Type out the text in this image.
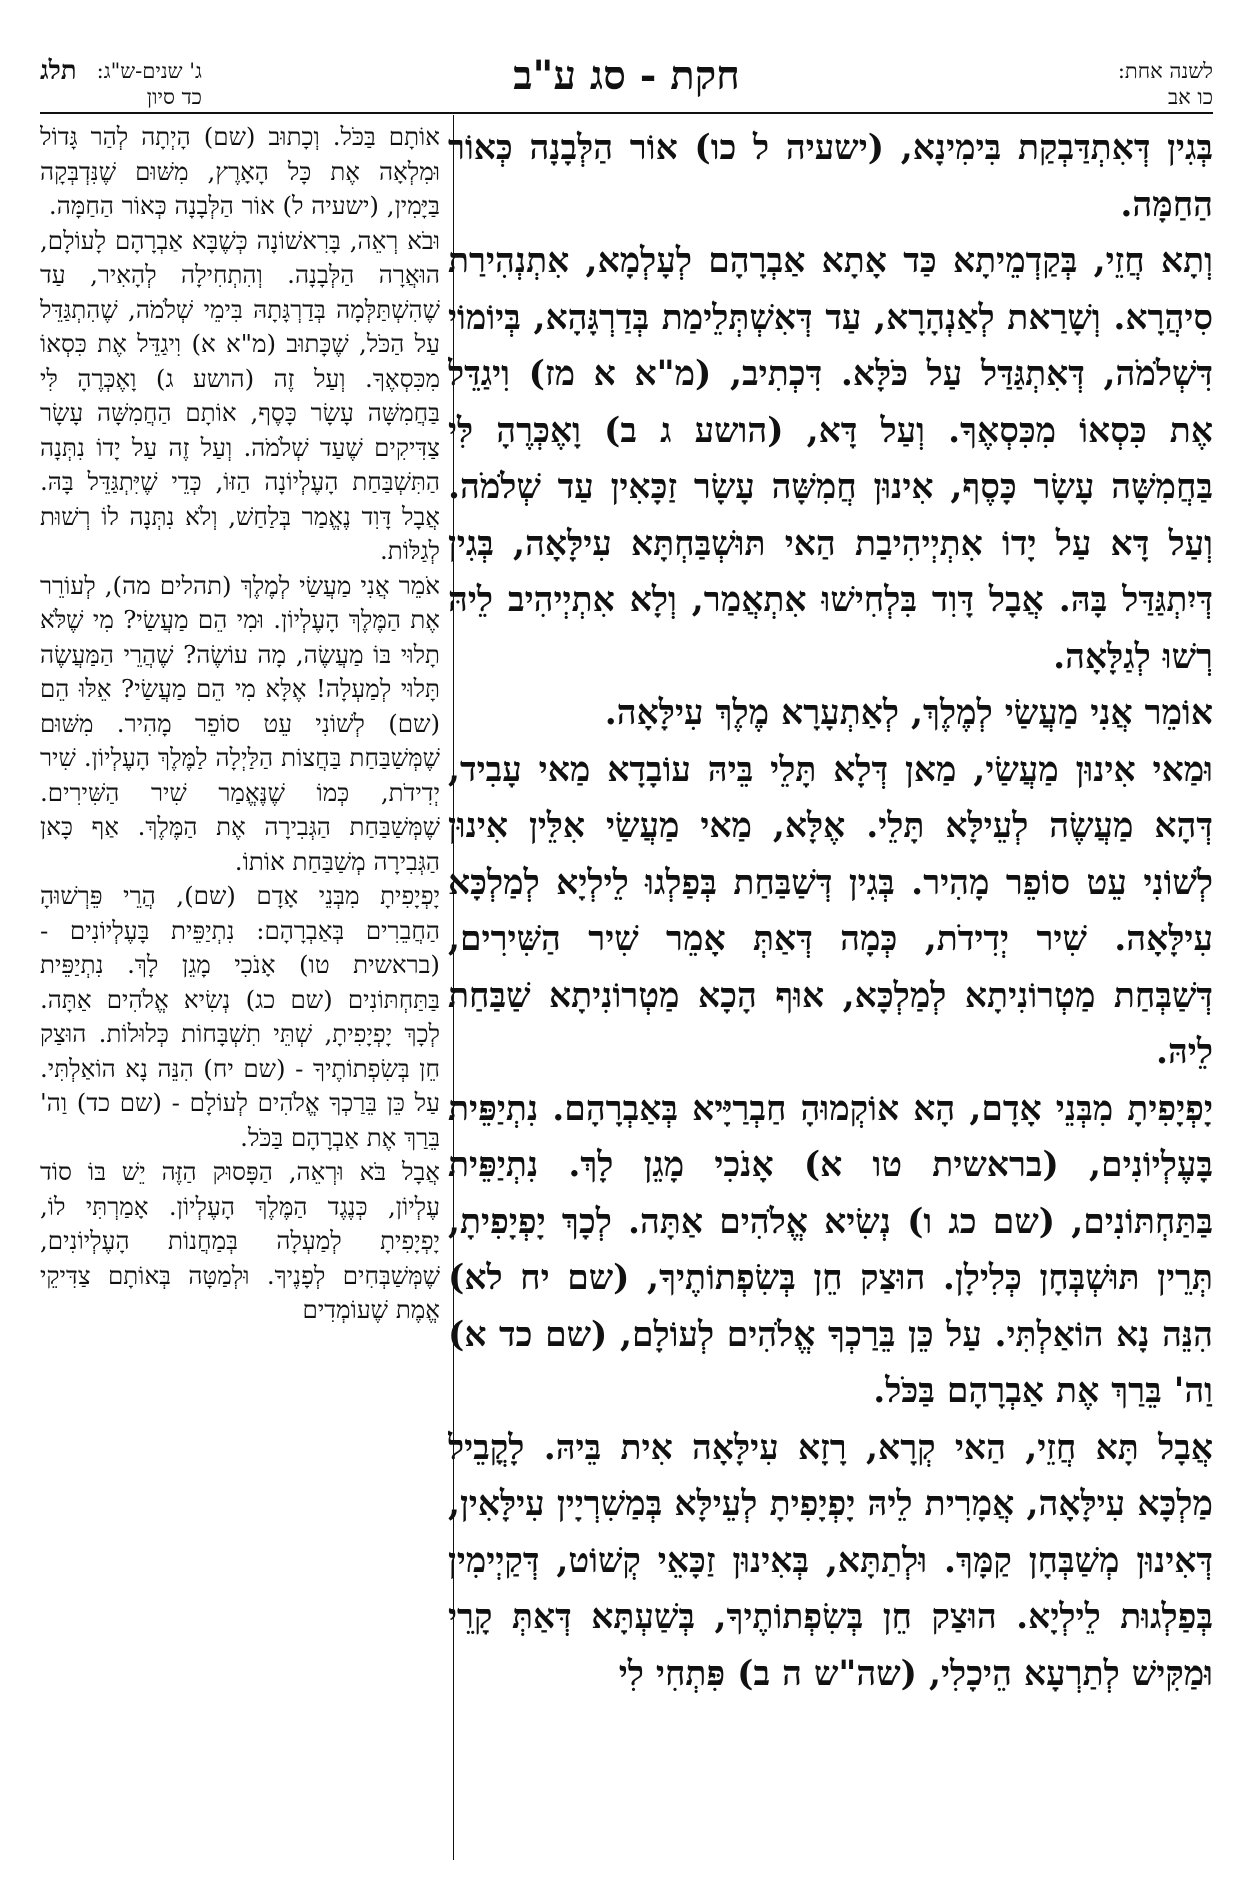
לשנה אחת:
כו אב
חקת - סג ע"ב
תלג ג' שנים-ש"ג:
כד סיון

בְּגִין דְּאִתְדַּבְקַת בִּימִינָא, (ישעיה ל כו) אוֹר הַלְּבָנָה כְּאוֹר הַחַמָּה.

וְתָא חֲזֵי, בְּקַדְמֵיתָא כַּד אָתָא אַבְרָהָם לְעָלְמָא, אִתְנְהִירַת סִיהֲרָא. וְשָׁרַאת לְאַנְהָרָא, עַד דְּאִשְׁתְּלֵימַת בְּדַרְגָּהָא, בְּיוֹמוֹי דִּשְׁלֹמֹה, דְּאִתְגַּדַּל עַל כֹּלָּא. דִּכְתִיב, (מ"א א מז) וִיגַדֵּל אֶת כִּסְאוֹ מִכִּסְאֶךָ. וְעַל דָּא, (הושע ג ב) וָאֶכְּרֶהָ לִּי בַּחֲמִשָּׁה עָשָׂר כָּסֶף, אִינוּן חֲמִשָּׁה עָשָׂר זַכָּאִין עַד שְׁלֹמֹה. וְעַל דָּא עַל יָדוֹ אִתְיְיהִיבַת הַאי תּוּשְׁבַּחְתָּא עִילָּאָה, בְּגִין דְּיִתְגַּדַּל בָּהּ. אֲבָל דָּוִד בִּלְחִישׁוּ אִתְאֲמַר, וְלָא אִתְיְיהִיב לֵיהּ רְשׁוּ לְגַלָּאָה.

אוֹמֵר אֲנִי מַעֲשַׂי לְמֶלֶךְ, לְאַתְעָרָא מֶלֶךְ עִילָּאָה.

וּמַאי אִינוּן מַעֲשַׂי, מַאן דְּלָא תָּלֵי בֵּיהּ עוֹבָדָא מַאי עָבִיד, דְּהָא מַעֲשֶׂה לְעֵילָּא תָּלֵי. אֶלָּא, מַאי מַעֲשַׂי אִלֵּין אִינוּן לְשׁוֹנִי עֵט סוֹפֵר מָהִיר. בְּגִין דְּשַׁבַּחַת בְּפַלְגוּ לֵילְיָא לְמַלְכָּא עִילָּאָה. שִׁיר יְדִידֹת, כְּמָה דְּאַתְּ אָמֵר שִׁיר הַשִּׁירִים, דְּשַׁבְּחַת מַטְרוֹנִיתָא לְמַלְכָּא, אוּף הָכָא מַטְרוֹנִיתָא שַׁבַּחַת לֵיהּ.

יָפְיָפִיתָ מִבְּנֵי אָדָם, הָא אוֹקְמוּהָ חַבְרַיָּיא בְּאַבְרָהָם. נִתְיַפֵּית בָּעֶלְיוֹנִים, (בראשית טו א) אָנֹכִי מָגֵן לָךְ. נִתְיַפֵּית בַּתַּחְתּוֹנִים, (שם כג ו) נְשִׂיא אֱלֹהִים אַתָּה. לְכָךְ יָפְיָפִיתָ, תְּרֵין תּוּשְׁבְּחָן כְּלִילָן. הוּצַק חֵן בְּשִׂפְתוֹתֶיךָ, (שם יח לא) הִנֵּה נָא הוֹאַלְתִּי. עַל כֵּן בֵּרַכְךָ אֱלֹהִים לְעוֹלָם, (שם כד א) וַה' בֵּרַךְ אֶת אַבְרָהָם בַּכֹּל.

אֲבָל תָּא חֲזֵי, הַאי קְרָא, רָזָא עִילָּאָה אִית בֵּיהּ. לָקֳבֵיל מַלְכָּא עִילָּאָה, אֲמָרִית לֵיהּ יָפְיָפִיתָ לְעֵילָּא בְּמַשִׁרְיָין עִילָּאִין, דְּאִינוּן מְשַׁבְּחָן קַמָּךְ. וּלְתַתָּא, בְּאִינוּן זַכָּאֵי קְשׁוֹט, דְּקַיְימִין בְּפַלְגוּת לֵילְיָא. הוּצַק חֵן בְּשִׂפְתוֹתֶיךָ, בְּשַׁעְתָּא דְּאַתְּ קָרֵי וּמַקִּישׁ לְתַרְעָא הֵיכָלִי, (שה"ש ה ב) פִּתְחִי לִי

אוֹתָם בַּכֹּל. וְכָתוּב (שם) הָיְתָה לְהַר גָּדוֹל וּמִלְאָה אֶת כָּל הָאָרֶץ, מִשּׁוּם שֶׁנִּדְבְּקָה בַּיָּמִין, (ישעיה ל) אוֹר הַלְּבָנָה כְּאוֹר הַחַמָּה.

וּבֹא רְאֵה, בָּרִאשׁוֹנָה כְּשֶׁבָּא אַבְרָהָם לָעוֹלָם, הוּאֲרָה הַלְּבָנָה. וְהִתְחִילָה לְהָאִיר, עַד שֶׁהִשְׁתַּלְּמָה בְּדַרְגָּתָהּ בִּימֵי שְׁלֹמֹה, שֶׁהִתְגַּדֵּל עַל הַכֹּל, שֶׁכָּתוּב (מ"א א) וִיגַדֵּל אֶת כִּסְאוֹ מִכִּסְאֶךָ. וְעַל זֶה (הושע ג) וָאֶכְּרֶהָ לִּי בַּחֲמִשָּׁה עָשָׂר כָּסֶף, אוֹתָם הַחֲמִשָּׁה עָשָׂר צַדִּיקִים שֶׁעַד שְׁלֹמֹה. וְעַל זֶה עַל יָדוֹ נִתְּנָה הַתִּשְׁבַּחַת הָעֶלְיוֹנָה הַזּוֹ, כְּדֵי שֶׁיִּתְגַּדֵּל בָּהּ. אֲבָל דָּוִד נֶאֱמַר בְּלַחַשׁ, וְלֹא נִתְּנָה לוֹ רְשׁוּת לְגַלּוֹת.

אֹמֵר אֲנִי מַעֲשַׂי לְמֶלֶךְ (תהלים מה), לְעוֹרֵר אֶת הַמֶּלֶךְ הָעֶלְיוֹן. וּמִי הֵם מַעֲשַׂי? מִי שֶׁלֹּא תָלוּי בּוֹ מַעֲשֶׂה, מָה עוֹשֶׂה? שֶׁהֲרֵי הַמַּעֲשֶׂה תָּלוּי לְמַעְלָה! אֶלָּא מִי הֵם מַעֲשַׂי? אֵלּוּ הֵם (שם) לְשׁוֹנִי עֵט סוֹפֵר מָהִיר. מִשּׁוּם שֶׁמְּשַׁבַּחַת בַּחֲצוֹת הַלַּיְלָה לַמֶּלֶךְ הָעֶלְיוֹן. שִׁיר יְדִידֹת, כְּמוֹ שֶׁנֶּאֱמַר שִׁיר הַשִּׁירִים. שֶׁמְּשַׁבַּחַת הַגְּבִירָה אֶת הַמֶּלֶךְ. אַף כָּאן הַגְּבִירָה מְשַׁבַּחַת אוֹתוֹ.

יָפְיָפִיתָ מִבְּנֵי אָדָם (שם), הֲרֵי פֵּרְשׁוּהָ הַחֲבֵרִים בְּאַבְרָהָם: נִתְיַפֵּית בָּעֶלְיוֹנִים - (בראשית טו) אָנֹכִי מָגֵן לָךְ. נִתְיַפֵּית בַּתַּחְתּוֹנִים (שם כג) נְשִׂיא אֱלֹהִים אַתָּה. לְכָךְ יָפְיָפִיתָ, שְׁתֵּי תִשְׁבָּחוֹת כְּלוּלוֹת. הוּצַק חֵן בְּשִׂפְתוֹתֶיךָ - (שם יח) הִנֵּה נָא הוֹאַלְתִּי. עַל כֵּן בֵּרַכְךָ אֱלֹהִים לְעוֹלָם - (שם כד) וַה' בֵּרַךְ אֶת אַבְרָהָם בַּכֹּל.

אֲבָל בֹּא וּרְאֵה, הַפָּסוּק הַזֶּה יֵשׁ בּוֹ סוֹד עֶלְיוֹן, כְּנֶגֶד הַמֶּלֶךְ הָעֶלְיוֹן. אָמַרְתִּי לוֹ, יָפְיָפִיתָ לְמַעְלָה בְּמַחֲנוֹת הָעֶלְיוֹנִים, שֶׁמְּשַׁבְּחִים לְפָנֶיךָ. וּלְמַטָּה בְּאוֹתָם צַדִּיקֵי אֱמֶת שֶׁעוֹמְדִים
